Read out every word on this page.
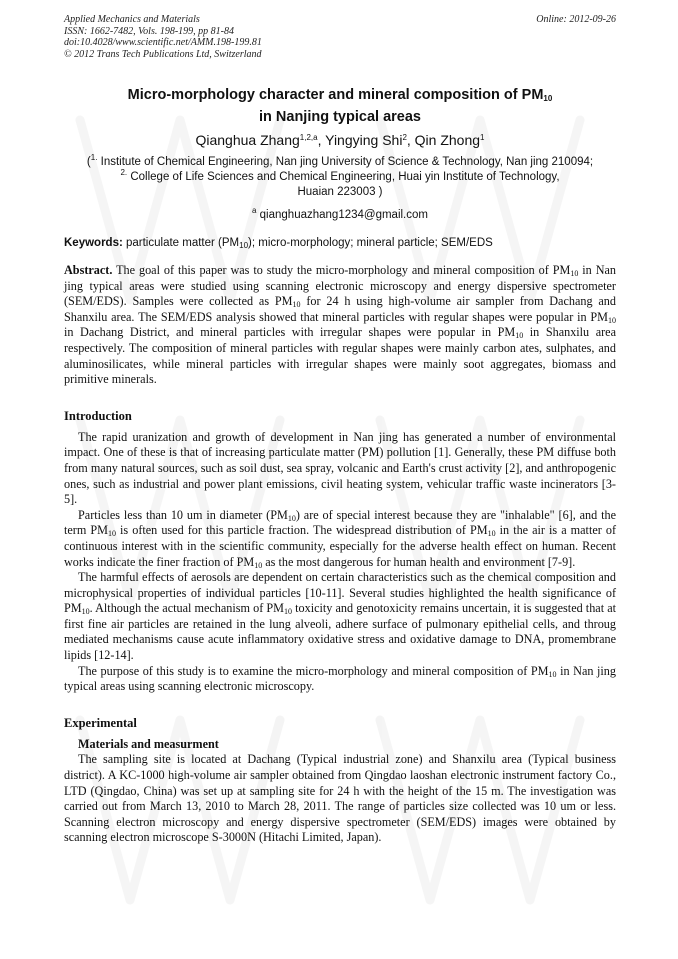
Applied Mechanics and Materials
ISSN: 1662-7482, Vols. 198-199, pp 81-84
doi:10.4028/www.scientific.net/AMM.198-199.81
© 2012 Trans Tech Publications Ltd, Switzerland
Online: 2012-09-26
Micro-morphology character and mineral composition of $PM_{10}$
in Nanjing typical areas
Qianghua Zhang$^{1,2,a}$, Yingying Shi$^2$, Qin Zhong$^1$
($^{1.}$ Institute of Chemical Engineering, Nan jing University of Science & Technology, Nan jing 210094;
$^{2.}$ College of Life Sciences and Chemical Engineering, Huai yin Institute of Technology,
Huaian 223003 )
$^a$ qianghuazhang1234@gmail.com
Keywords: particulate matter $(PM_{10})$; micro-morphology; mineral particle; SEM/EDS

Abstract. The goal of this paper was to study the micro-morphology and mineral composition of $PM_{10}$ in Nan jing typical areas were studied using scanning electronic microscopy and energy dispersive spectrometer (SEM/EDS). Samples were collected as $PM_{10}$ for 24 h using high-volume air sampler from Dachang and Shanxilu area. The SEM/EDS analysis showed that mineral particles with regular shapes were popular in $PM_{10}$ in Dachang District, and mineral particles with irregular shapes were popular in $PM_{10}$ in Shanxilu area respectively. The composition of mineral particles with regular shapes were mainly carbon ates, sulphates, and aluminosilicates, while mineral particles with irregular shapes were mainly soot aggregates, biomass and primitive minerals.

Introduction

The rapid uranization and growth of development in Nan jing has generated a number of environmental impact. One of these is that of increasing particulate matter (PM) pollution [1]. Generally, these PM diffuse both from many natural sources, such as soil dust, sea spray, volcanic and Earth's crust activity [2], and anthropogenic ones, such as industrial and power plant emissions, civil heating system, vehicular traffic waste incinerators [3-5].

Particles less than 10 um in diameter $(PM_{10})$ are of special interest because they are "inhalable" [6], and the term $PM_{10}$ is often used for this particle fraction. The widespread distribution of $PM_{10}$ in the air is a matter of continuous interest with in the scientific community, especially for the adverse health effect on human. Recent works indicate the finer fraction of $PM_{10}$ as the most dangerous for human health and environment [7-9].

The harmful effects of aerosols are dependent on certain characteristics such as the chemical composition and microphysical properties of individual particles [10-11]. Several studies highlighted the health significance of $PM_{10}$. Although the actual mechanism of $PM_{10}$ toxicity and genotoxicity remains uncertain, it is suggested that at first fine air particles are retained in the lung alveoli, adhere surface of pulmonary epithelial cells, and throug mediated mechanisms cause acute inflammatory oxidative stress and oxidative damage to DNA, promembrane lipids [12-14].

The purpose of this study is to examine the micro-morphology and mineral composition of $PM_{10}$ in Nan jing typical areas using scanning electronic microscopy.

Experimental
Materials and measurment

The sampling site is located at Dachang (Typical industrial zone) and Shanxilu area (Typical business district). A KC-1000 high-volume air sampler obtained from Qingdao laoshan electronic instrument factory Co., LTD (Qingdao, China) was set up at sampling site for 24 h with the height of the 15 m. The investigation was carried out from March 13, 2010 to March 28, 2011. The range of particles size collected was 10 um or less. Scanning electron microscopy and energy dispersive spectrometer (SEM/EDS) images were obtained by scanning electron microscope S-3000N (Hitachi Limited, Japan).
